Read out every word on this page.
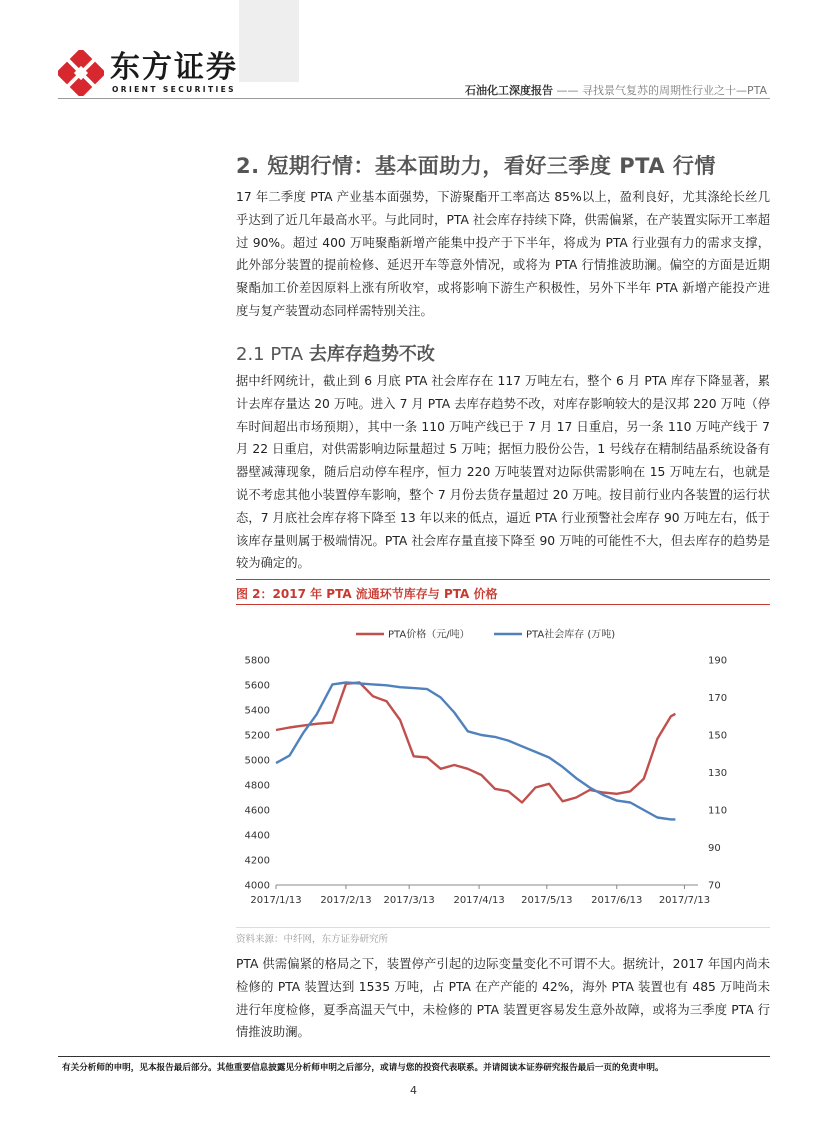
东方证券
ORIENT SECURITIES	石油化工深度报告 —— 寻找景气复苏的周期性行业之十—PTA
2. 短期行情：基本面助力，看好三季度 PTA 行情
17 年二季度 PTA 产业基本面强势，下游聚酯开工率高达 85%以上，盈利良好，尤其涤纶长丝几乎达到了近几年最高水平。与此同时，PTA 社会库存持续下降，供需偏紧，在产装置实际开工率超过 90%。超过 400 万吨聚酯新增产能集中投产于下半年，将成为 PTA 行业强有力的需求支撑，此外部分装置的提前检修、延迟开车等意外情况，或将为 PTA 行情推波助澜。偏空的方面是近期聚酯加工价差因原料上涨有所收窄，或将影响下游生产积极性，另外下半年 PTA 新增产能投产进度与复产装置动态同样需特别关注。
2.1 PTA 去库存趋势不改
据中纤网统计，截止到 6 月底 PTA 社会库存在 117 万吨左右，整个 6 月 PTA 库存下降显著，累计去库存量达 20 万吨。进入 7 月 PTA 去库存趋势不改，对库存影响较大的是汉邦 220 万吨（停车时间超出市场预期），其中一条 110 万吨产线已于 7 月 17 日重启，另一条 110 万吨产线于 7 月 22 日重启，对供需影响边际量超过 5 万吨；据恒力股份公告，1 号线存在精制结晶系统设备有器壁减薄现象，随后启动停车程序，恒力 220 万吨装置对边际供需影响在 15 万吨左右，也就是说不考虑其他小装置停车影响，整个 7 月份去货存量超过 20 万吨。按目前行业内各装置的运行状态，7 月底社会库存将下降至 13 年以来的低点，逼近 PTA 行业预警社会库存 90 万吨左右，低于该库存量则属于极端情况。PTA 社会库存量直接下降至 90 万吨的可能性不大，但去库存的趋势是较为确定的。
图 2：2017 年 PTA 流通环节库存与 PTA 价格
4000
4200
4400
4600
4800
5000
5200
5400
5600
5800
70
90
110
130
150
170
190
2017/1/13 2017/2/13 2017/3/13 2017/4/13 2017/5/13 2017/6/13 2017/7/13
PTA价格（元/吨）	PTA社会库存 (万吨)
资料来源：中纤网，东方证券研究所
PTA 供需偏紧的格局之下，装置停产引起的边际变量变化不可谓不大。据统计，2017 年国内尚未检修的 PTA 装置达到 1535 万吨，占 PTA 在产产能的 42%，海外 PTA 装置也有 485 万吨尚未进行年度检修，夏季高温天气中，未检修的 PTA 装置更容易发生意外故障，或将为三季度 PTA 行情推波助澜。
有关分析师的申明，见本报告最后部分。其他重要信息披露见分析师申明之后部分，或请与您的投资代表联系。并请阅读本证券研究报告最后一页的免责申明。
4
